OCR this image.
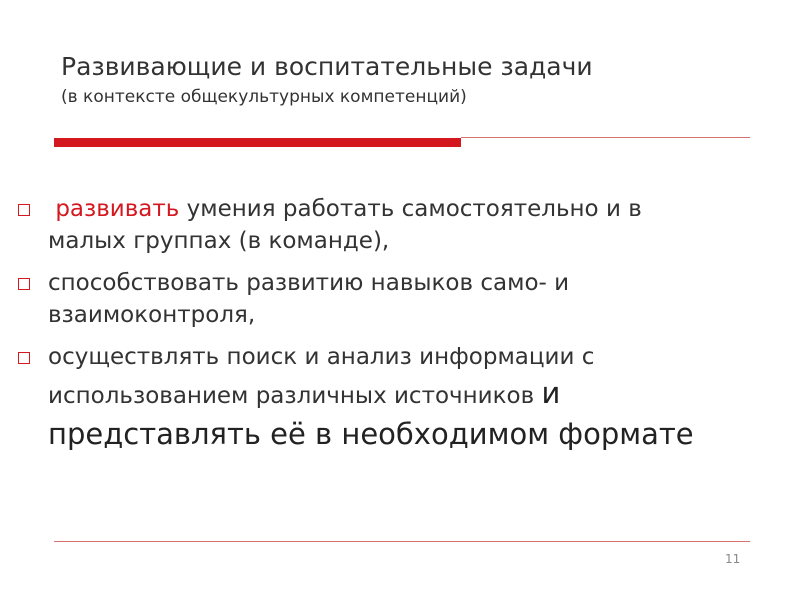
Развивающие и воспитательные задачи
(в контексте общекультурных компетенций)
развивать умения работать самостоятельно и в
малых группах (в команде),
способствовать развитию навыков само- и
взаимоконтроля,
осуществлять поиск и анализ информации с
использованием различных источников и
представлять её в необходимом формате
11
